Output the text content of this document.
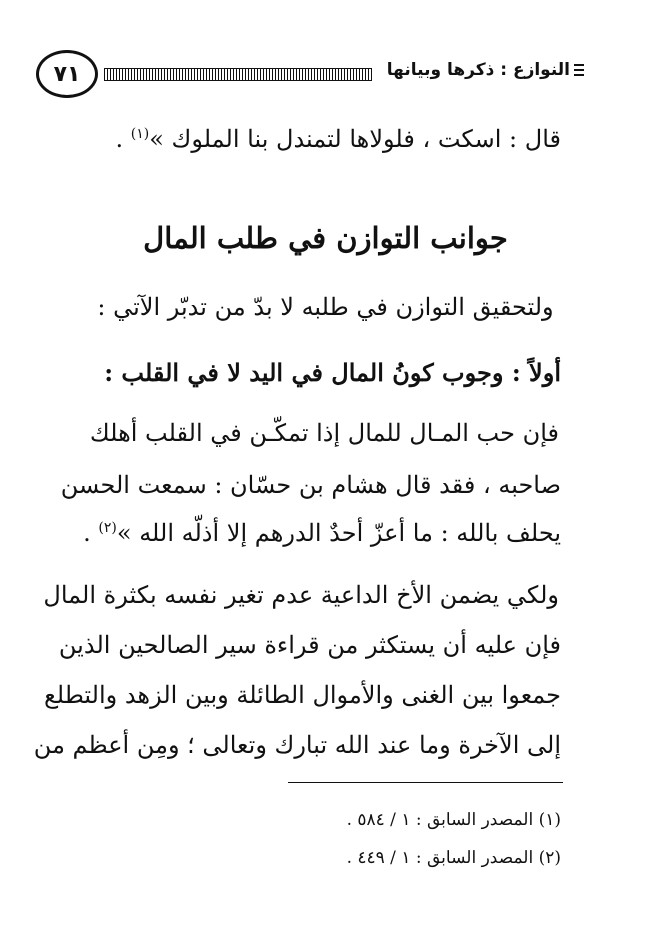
٧١	النوازع : ذكرها وبيانها
قال : اسكت ، فلولاها لتمندل بنا الملوك »$^{(١)}$ .
جوانب التوازن في طلب المال
ولتحقيق التوازن في طلبه لا بدّ من تدبّر الآتي :
أولاً : وجوب كونُ المال في اليد لا في القلب :
فإن حب المـال للمال إذا تمكّـن في القلب أهلك
صاحبه ، فقد قال هشام بن حسّان : سمعت الحسن
يحلف بالله : ما أعزّ أحدٌ الدرهم إلا أذلّه الله »$^{(٢)}$ .
ولكي يضمن الأخ الداعية عدم تغير نفسه بكثرة المال
فإن عليه أن يستكثر من قراءة سير الصالحين الذين
جمعوا بين الغنى والأموال الطائلة وبين الزهد والتطلع
إلى الآخرة وما عند الله تبارك وتعالى ؛ ومِن أعظم من
(١) المصدر السابق : ١ / ٥٨٤ .
(٢) المصدر السابق : ١ / ٤٤٩ .
